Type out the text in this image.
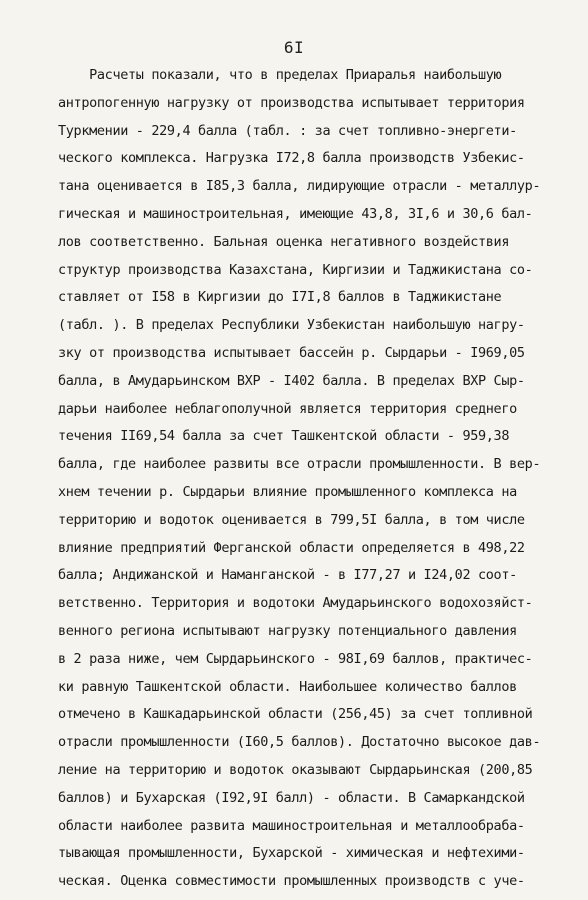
6I
Расчеты показали, что в пределах Приаралья наибольшую
антропогенную нагрузку от производства испытывает территория
Туркмении - 229,4 балла (табл. : за счет топливно-энергети-
ческого комплекса. Нагрузка I72,8 балла производств Узбекис-
тана оценивается в I85,3 балла, лидирующие отрасли - металлур-
гическая и машиностроительная, имеющие 43,8, 3I,6 и 30,6 бал-
лов соответственно. Бальная оценка негативного воздействия
структур производства Казахстана, Киргизии и Таджикистана со-
ставляет от I58 в Киргизии до I7I,8 баллов в Таджикистане
(табл. ). В пределах Республики Узбекистан наибольшую нагру-
зку от производства испытывает бассейн р. Сырдарьи - I969,05
балла, в Амударьинском ВХР - I402 балла. В пределах ВХР Сыр-
дарьи наиболее неблагополучной является территория среднего
течения II69,54 балла за счет Ташкентской области - 959,38
балла, где наиболее развиты все отрасли промышленности. В вер-
хнем течении р. Сырдарьи влияние промышленного комплекса на
территорию и водоток оценивается в 799,5I балла, в том числе
влияние предприятий Ферганской области определяется в 498,22
балла; Андижанской и Наманганской - в I77,27 и I24,02 соот-
ветственно. Территория и водотоки Амударьинского водохозяйст-
венного региона испытывают нагрузку потенциального давления
в 2 раза ниже, чем Сырдарьинского - 98I,69 баллов, практичес-
ки равную Ташкентской области. Наибольшее количество баллов
отмечено в Кашкадарьинской области (256,45) за счет топливной
отрасли промышленности (I60,5 баллов). Достаточно высокое дав-
ление на территорию и водоток оказывают Сырдарьинская (200,85
баллов) и Бухарская (I92,9I балл) - области. В Самаркандской
области наиболее развита машиностроительная и металлообраба-
тывающая промышленности, Бухарской - химическая и нефтехими-
ческая. Оценка совместимости промышленных производств с уче-
